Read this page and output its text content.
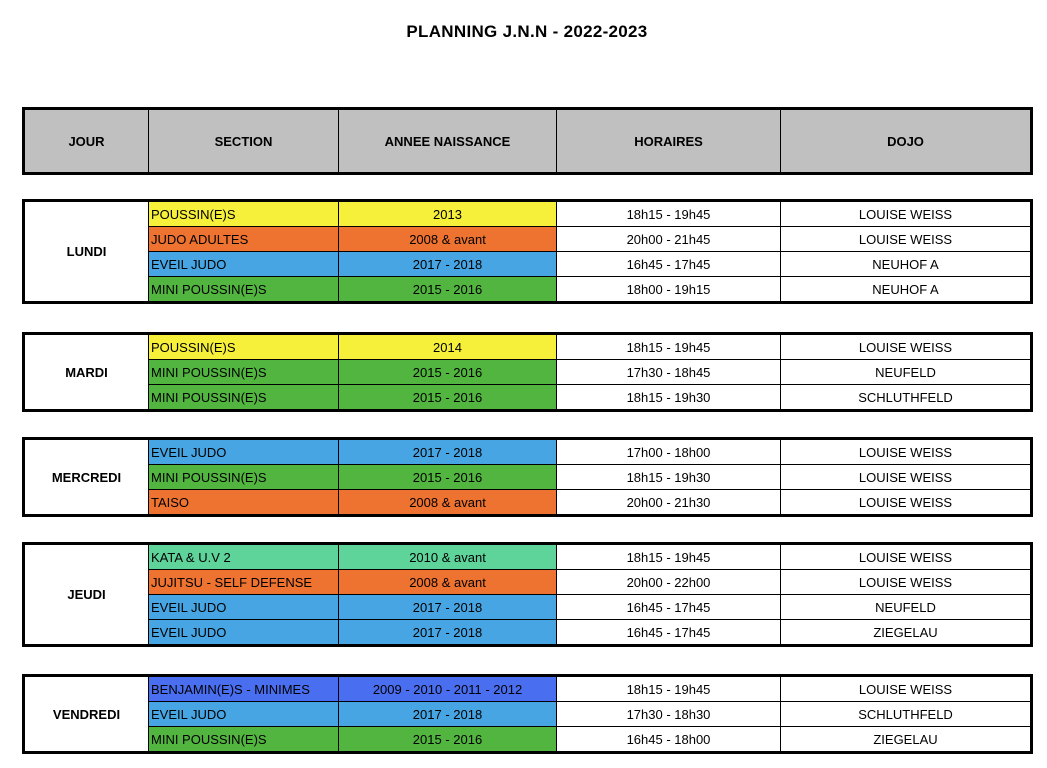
PLANNING J.N.N - 2022-2023
JOUR	SECTION	ANNEE NAISSANCE	HORAIRES	DOJO
LUNDI	POUSSIN(E)S	2013	18h15 - 19h45	LOUISE WEISS
	JUDO ADULTES	2008 & avant	20h00 - 21h45	LOUISE WEISS
	EVEIL JUDO	2017 - 2018	16h45 - 17h45	NEUHOF A
	MINI POUSSIN(E)S	2015 - 2016	18h00 - 19h15	NEUHOF A
MARDI	POUSSIN(E)S	2014	18h15 - 19h45	LOUISE WEISS
	MINI POUSSIN(E)S	2015 - 2016	17h30 - 18h45	NEUFELD
	MINI POUSSIN(E)S	2015 - 2016	18h15 - 19h30	SCHLUTHFELD
MERCREDI	EVEIL JUDO	2017 - 2018	17h00 - 18h00	LOUISE WEISS
	MINI POUSSIN(E)S	2015 - 2016	18h15 - 19h30	LOUISE WEISS
	TAISO	2008 & avant	20h00 - 21h30	LOUISE WEISS
JEUDI	KATA & U.V 2	2010 & avant	18h15 - 19h45	LOUISE WEISS
	JUJITSU - SELF DEFENSE	2008 & avant	20h00 - 22h00	LOUISE WEISS
	EVEIL JUDO	2017 - 2018	16h45 - 17h45	NEUFELD
	EVEIL JUDO	2017 - 2018	16h45 - 17h45	ZIEGELAU
VENDREDI	BENJAMIN(E)S - MINIMES	2009 - 2010 - 2011 - 2012	18h15 - 19h45	LOUISE WEISS
	EVEIL JUDO	2017 - 2018	17h30 - 18h30	SCHLUTHFELD
	MINI POUSSIN(E)S	2015 - 2016	16h45 - 18h00	ZIEGELAU
